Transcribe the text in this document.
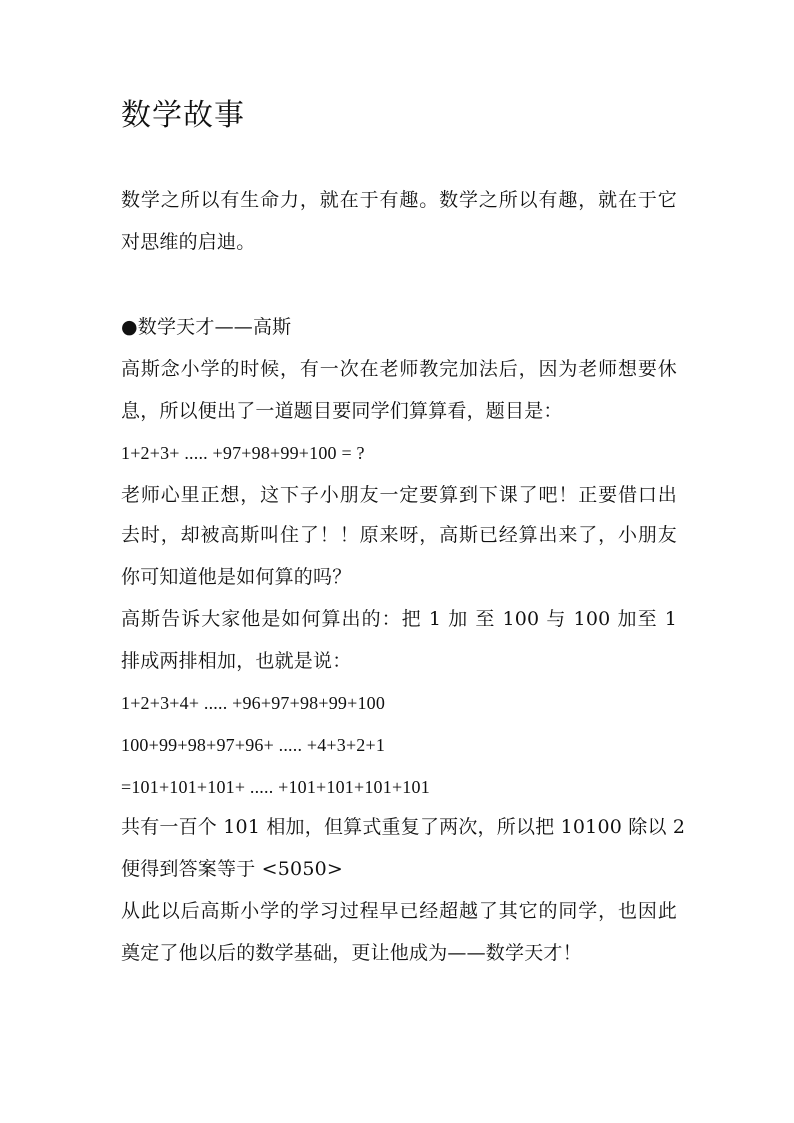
数学故事
数学之所以有生命力，就在于有趣。数学之所以有趣，就在于它
对思维的启迪。
●数学天才——高斯
高斯念小学的时候，有一次在老师教完加法后，因为老师想要休
息，所以便出了一道题目要同学们算算看，题目是：
1+2+3+ ..... +97+98+99+100 = ?
老师心里正想，这下子小朋友一定要算到下课了吧！正要借口出
去时，却被高斯叫住了！！原来呀，高斯已经算出来了，小朋友
你可知道他是如何算的吗？
高斯告诉大家他是如何算出的：把 1 加 至 100 与 100 加至 1
排成两排相加，也就是说：
1+2+3+4+ ..... +96+97+98+99+100
100+99+98+97+96+ ..... +4+3+2+1
=101+101+101+ ..... +101+101+101+101
共有一百个 101 相加，但算式重复了两次，所以把 10100 除以 2
便得到答案等于 <5050>
从此以后高斯小学的学习过程早已经超越了其它的同学，也因此
奠定了他以后的数学基础，更让他成为——数学天才！
